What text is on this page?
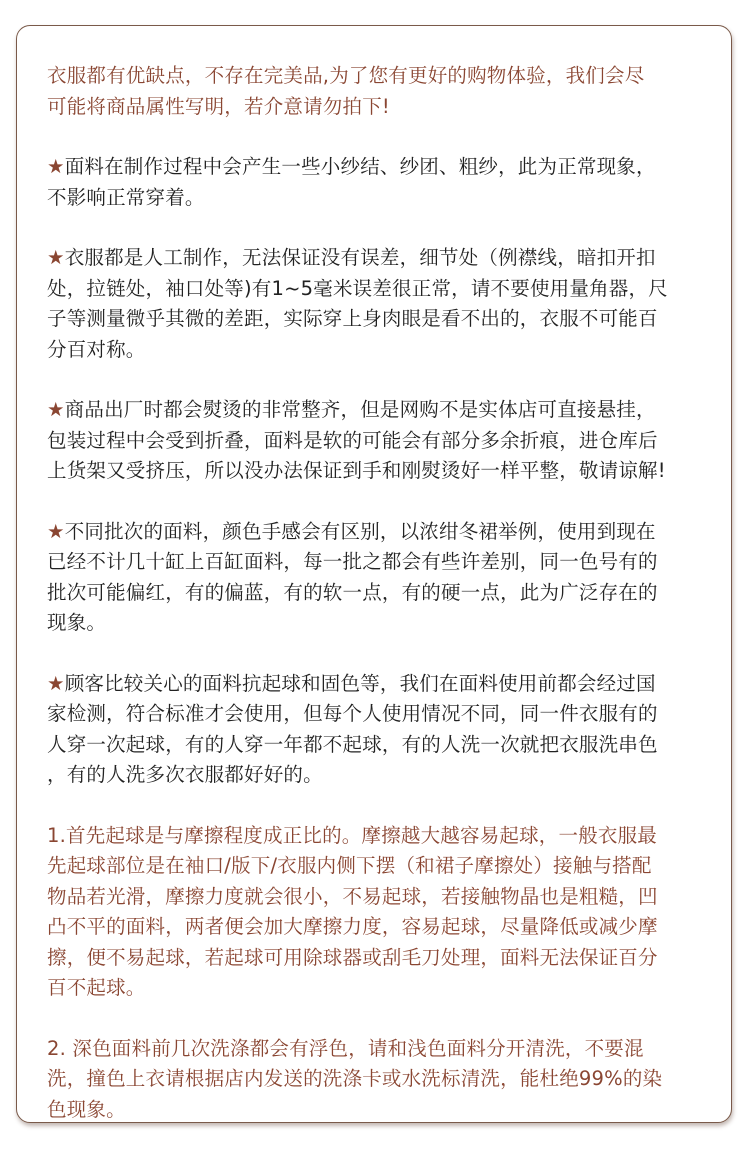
衣服都有优缺点，不存在完美品,为了您有更好的购物体验，我们会尽
可能将商品属性写明，若介意请勿拍下!

★面料在制作过程中会产生一些小纱结、纱团、粗纱，此为正常现象，
不影响正常穿着。

★衣服都是人工制作，无法保证没有误差，细节处（例襟线，暗扣开扣
处，拉链处，袖口处等)有1~5毫米误差很正常，请不要使用量角器，尺
子等测量微乎其微的差距，实际穿上身肉眼是看不出的，衣服不可能百
分百对称。

★商品出厂时都会熨烫的非常整齐，但是网购不是实体店可直接悬挂，
包装过程中会受到折叠，面料是软的可能会有部分多余折痕，进仓库后
上货架又受挤压，所以没办法保证到手和刚熨烫好一样平整，敬请谅解!

★不同批次的面料，颜色手感会有区别，以浓绀冬裙举例，使用到现在
已经不计几十缸上百缸面料，每一批之都会有些许差别，同一色号有的
批次可能偏红，有的偏蓝，有的软一点，有的硬一点，此为广泛存在的
现象。

★顾客比较关心的面料抗起球和固色等，我们在面料使用前都会经过国
家检测，符合标准才会使用，但每个人使用情况不同，同一件衣服有的
人穿一次起球，有的人穿一年都不起球，有的人洗一次就把衣服洗串色
，有的人洗多次衣服都好好的。

1.首先起球是与摩擦程度成正比的。摩擦越大越容易起球，一般衣服最
先起球部位是在袖口/版下/衣服内侧下摆（和裙子摩擦处）接触与搭配
物品若光滑，摩擦力度就会很小，不易起球，若接触物晶也是粗糙，凹
凸不平的面料，两者便会加大摩擦力度，容易起球，尽量降低或减少摩
擦，便不易起球，若起球可用除球器或刮毛刀处理，面料无法保证百分
百不起球。

2. 深色面料前几次洗涤都会有浮色，请和浅色面料分开清洗，不要混
洗，撞色上衣请根据店内发送的洗涤卡或水洗标清洗，能杜绝99%的染
色现象。
